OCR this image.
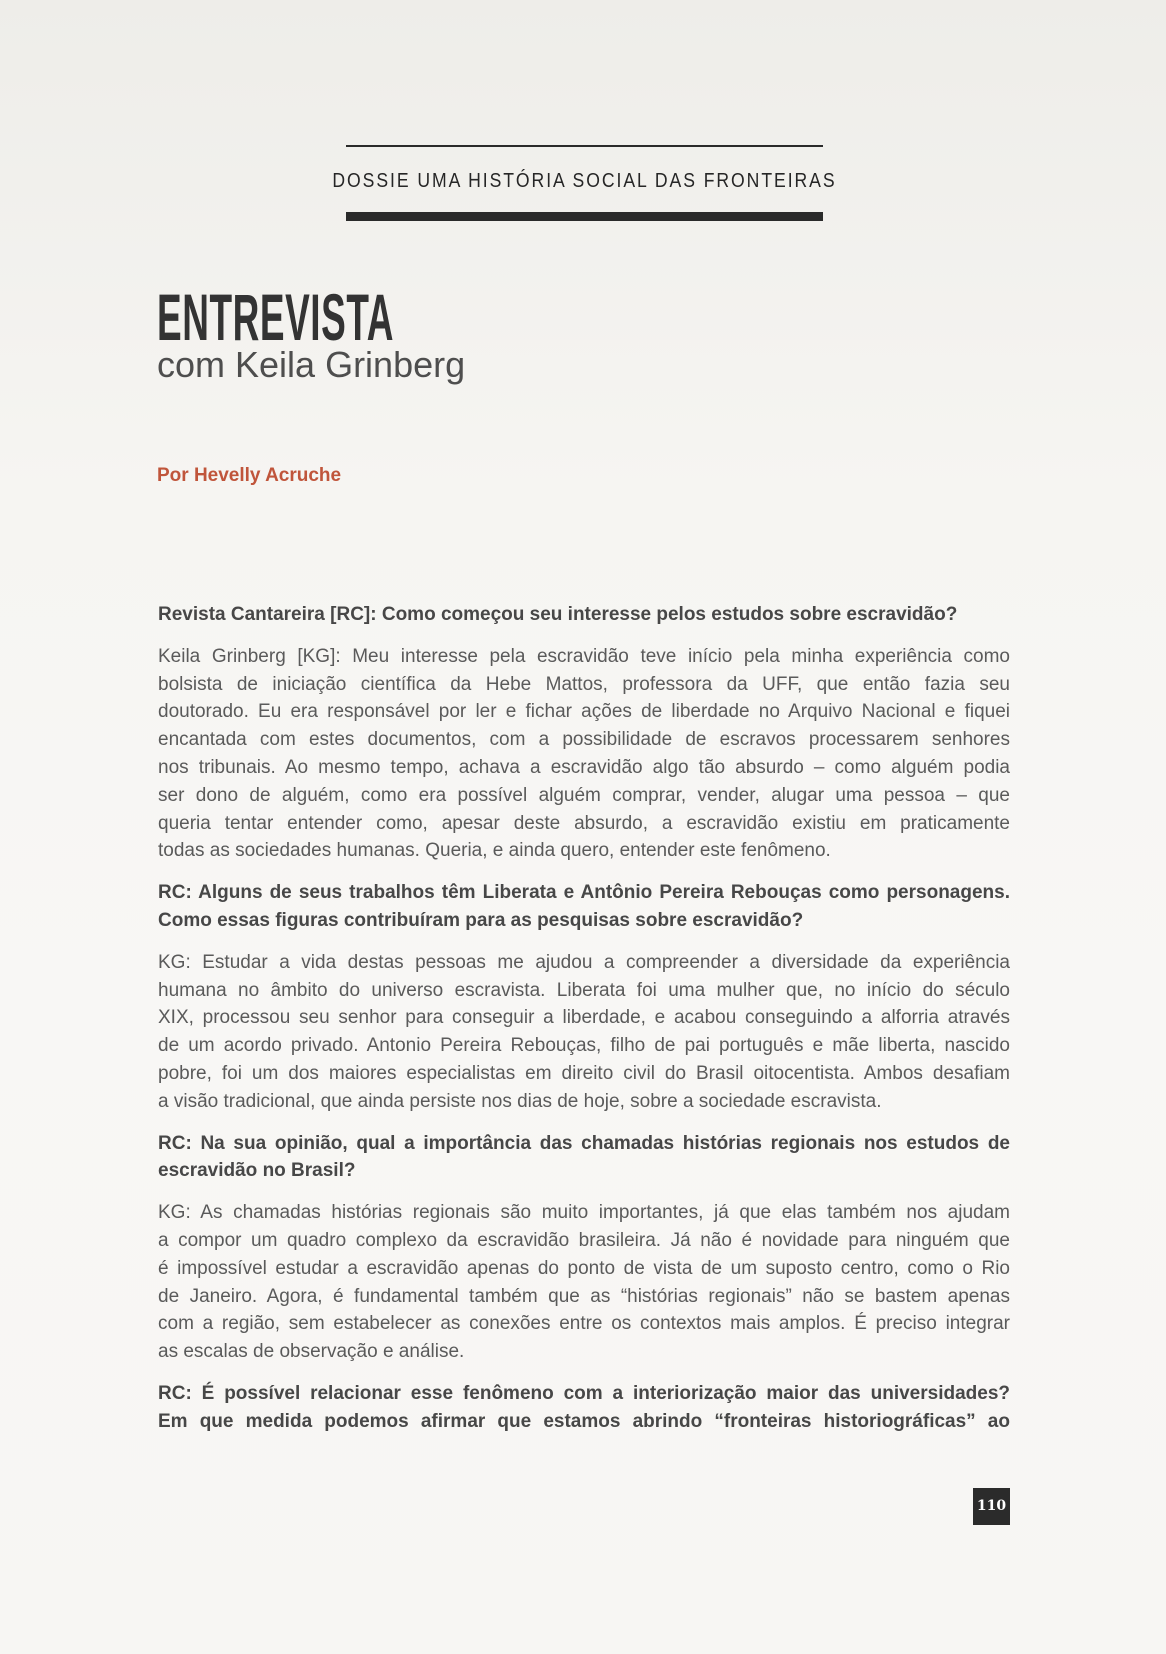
DOSSIE UMA HISTÓRIA SOCIAL DAS FRONTEIRAS
ENTREVISTA
com Keila Grinberg
Por Hevelly Acruche
Revista Cantareira [RC]: Como começou seu interesse pelos estudos sobre escravidão?
Keila Grinberg [KG]: Meu interesse pela escravidão teve início pela minha experiência como
bolsista de iniciação científica da Hebe Mattos, professora da UFF, que então fazia seu
doutorado. Eu era responsável por ler e fichar ações de liberdade no Arquivo Nacional e fiquei
encantada com estes documentos, com a possibilidade de escravos processarem senhores
nos tribunais. Ao mesmo tempo, achava a escravidão algo tão absurdo – como alguém podia
ser dono de alguém, como era possível alguém comprar, vender, alugar uma pessoa – que
queria tentar entender como, apesar deste absurdo, a escravidão existiu em praticamente
todas as sociedades humanas. Queria, e ainda quero, entender este fenômeno.
RC: Alguns de seus trabalhos têm Liberata e Antônio Pereira Rebouças como personagens.
Como essas figuras contribuíram para as pesquisas sobre escravidão?
KG: Estudar a vida destas pessoas me ajudou a compreender a diversidade da experiência
humana no âmbito do universo escravista. Liberata foi uma mulher que, no início do século
XIX, processou seu senhor para conseguir a liberdade, e acabou conseguindo a alforria através
de um acordo privado. Antonio Pereira Rebouças, filho de pai português e mãe liberta, nascido
pobre, foi um dos maiores especialistas em direito civil do Brasil oitocentista. Ambos desafiam
a visão tradicional, que ainda persiste nos dias de hoje, sobre a sociedade escravista.
RC: Na sua opinião, qual a importância das chamadas histórias regionais nos estudos de
escravidão no Brasil?
KG: As chamadas histórias regionais são muito importantes, já que elas também nos ajudam
a compor um quadro complexo da escravidão brasileira. Já não é novidade para ninguém que
é impossível estudar a escravidão apenas do ponto de vista de um suposto centro, como o Rio
de Janeiro. Agora, é fundamental também que as “histórias regionais” não se bastem apenas
com a região, sem estabelecer as conexões entre os contextos mais amplos. É preciso integrar
as escalas de observação e análise.
RC: É possível relacionar esse fenômeno com a interiorização maior das universidades?
Em que medida podemos afirmar que estamos abrindo “fronteiras historiográficas” ao
110
